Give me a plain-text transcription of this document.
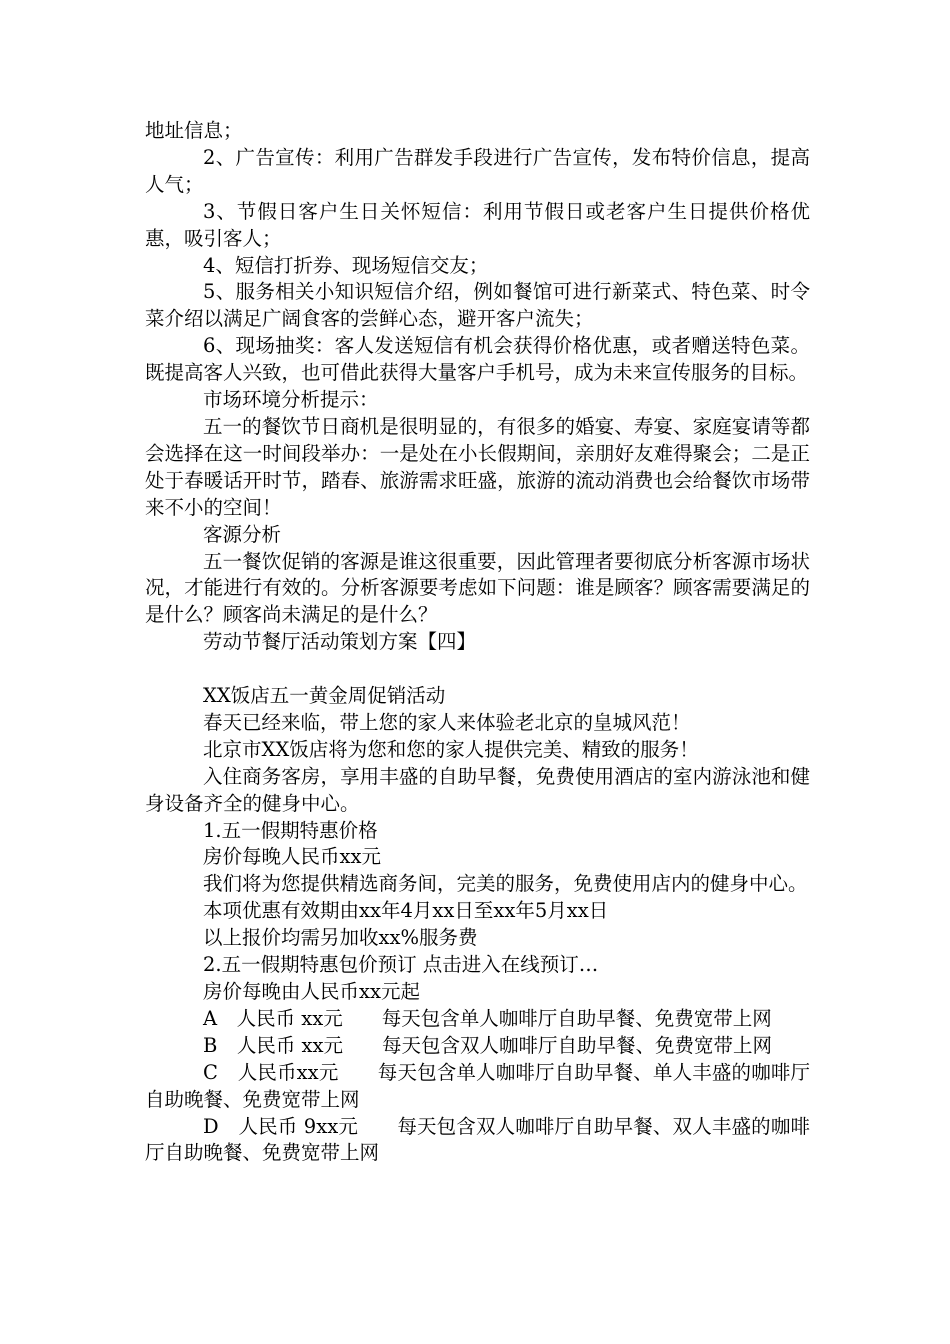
地址信息；

2、广告宣传：利用广告群发手段进行广告宣传，发布特价信息，提高人气；

3、节假日客户生日关怀短信：利用节假日或老客户生日提供价格优惠，吸引客人；

4、短信打折券、现场短信交友；

5、服务相关小知识短信介绍，例如餐馆可进行新菜式、特色菜、时令菜介绍以满足广阔食客的尝鲜心态，避开客户流失；

6、现场抽奖：客人发送短信有机会获得价格优惠，或者赠送特色菜。既提高客人兴致，也可借此获得大量客户手机号，成为未来宣传服务的目标。

市场环境分析提示：

五一的餐饮节日商机是很明显的，有很多的婚宴、寿宴、家庭宴请等都会选择在这一时间段举办：一是处在小长假期间，亲朋好友难得聚会；二是正处于春暖话开时节，踏春、旅游需求旺盛，旅游的流动消费也会给餐饮市场带来不小的空间！

客源分析

五一餐饮促销的客源是谁这很重要，因此管理者要彻底分析客源市场状况，才能进行有效的。分析客源要考虑如下问题：谁是顾客？顾客需要满足的是什么？顾客尚未满足的是什么？

劳动节餐厅活动策划方案【四】

XX饭店五一黄金周促销活动

春天已经来临，带上您的家人来体验老北京的皇城风范！

北京市XX饭店将为您和您的家人提供完美、精致的服务！

入住商务客房，享用丰盛的自助早餐，免费使用酒店的室内游泳池和健身设备齐全的健身中心。

1.五一假期特惠价格

房价每晚人民币xx元

我们将为您提供精选商务间，完美的服务，免费使用店内的健身中心。

本项优惠有效期由xx年4月xx日至xx年5月xx日

以上报价均需另加收xx%服务费

2.五一假期特惠包价预订 点击进入在线预订…

房价每晚由人民币xx元起

A　人民币 xx元　　每天包含单人咖啡厅自助早餐、免费宽带上网

B　人民币 xx元　　每天包含双人咖啡厅自助早餐、免费宽带上网

C　人民币xx元　　每天包含单人咖啡厅自助早餐、单人丰盛的咖啡厅自助晚餐、免费宽带上网

D　人民币 9xx元　　每天包含双人咖啡厅自助早餐、双人丰盛的咖啡厅自助晚餐、免费宽带上网
